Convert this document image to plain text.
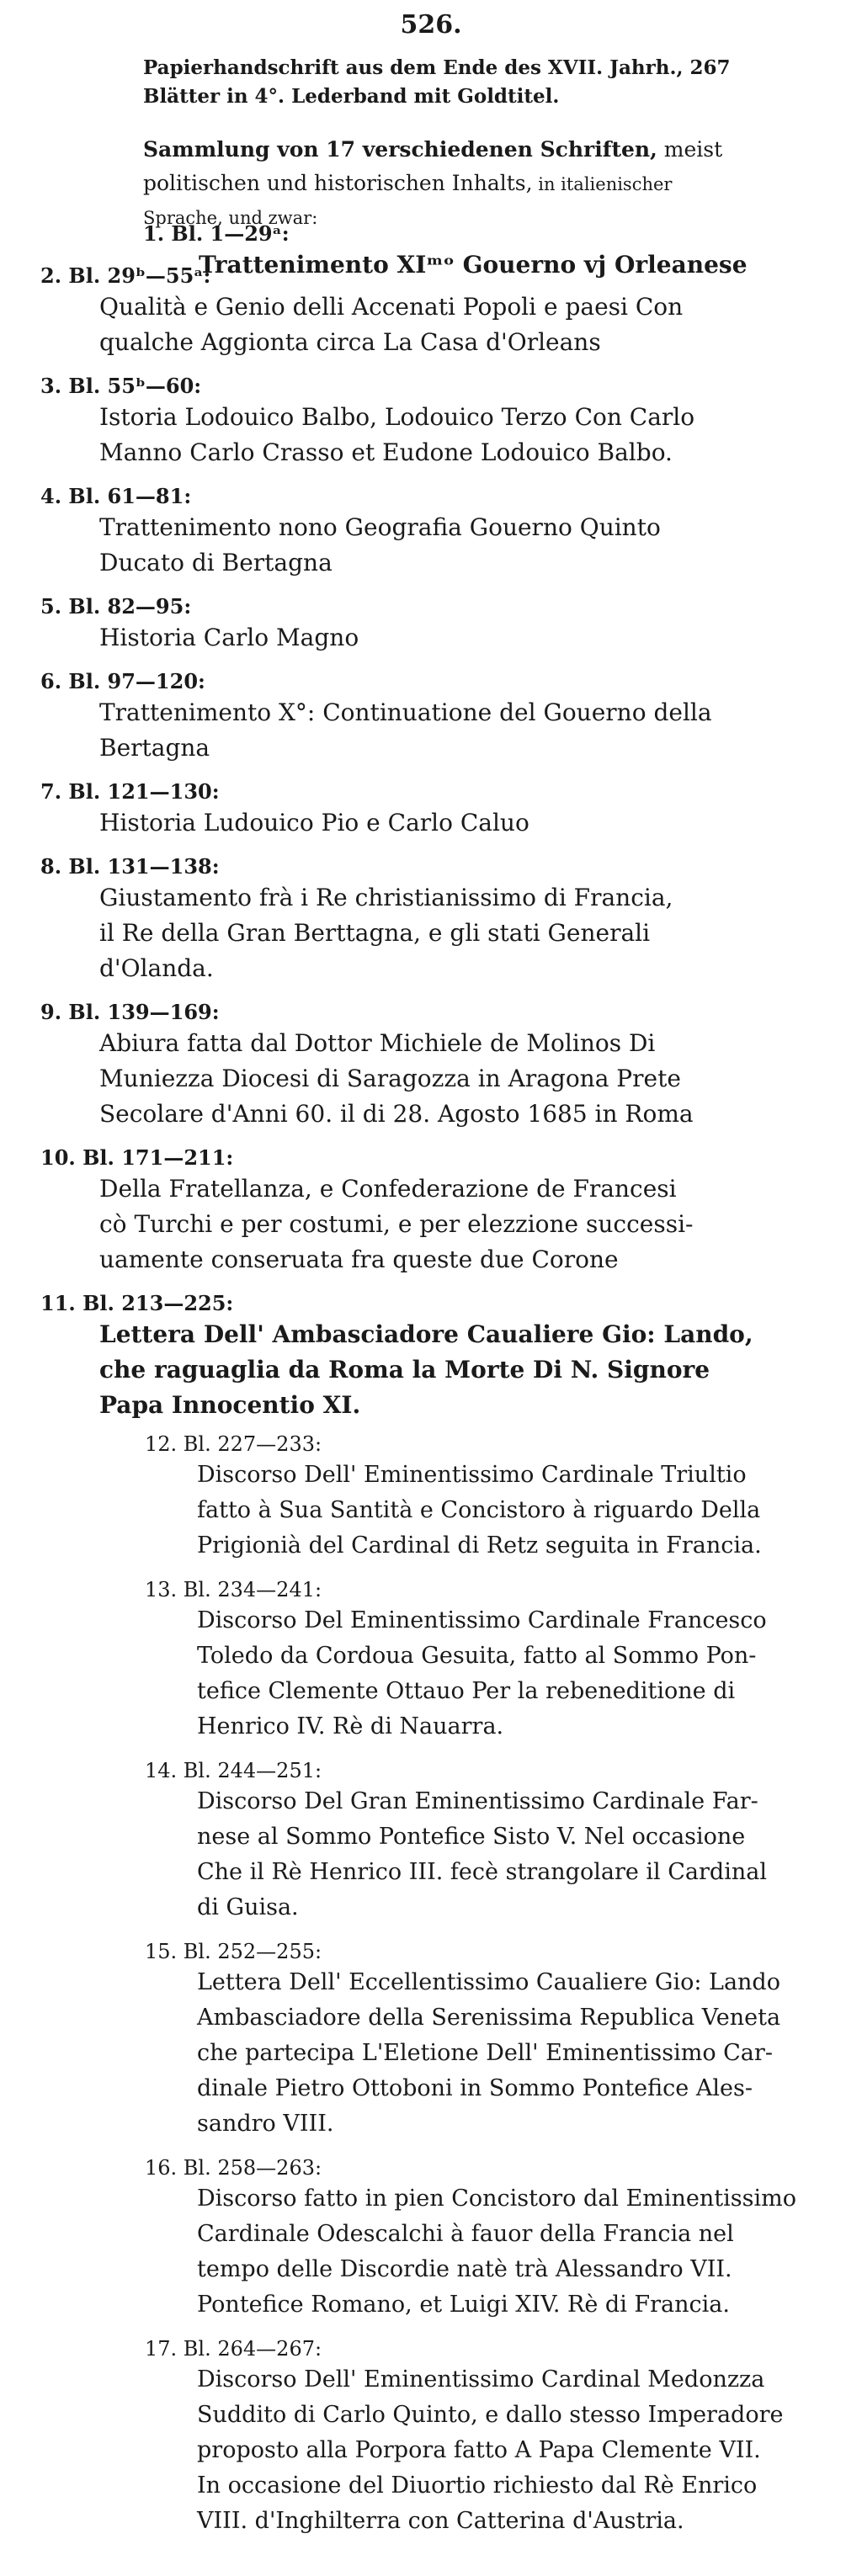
526.
Papierhandschrift aus dem Ende des XVII. Jahrh., 267
Blätter in 4°. Lederband mit Goldtitel.
Sammlung von 17 verschiedenen Schriften, meist
politischen und historischen Inhalts, in italienischer
Sprache, und zwar:
1. Bl. 1—29ᵃ:
Trattenimento XIᵐᵒ Gouerno vj Orleanese
2. Bl. 29ᵇ—55ᵃ:
Qualità e Genio delli Accenati Popoli e paesi Con
qualche Aggionta circa La Casa d'Orleans
3. Bl. 55ᵇ—60:
Istoria Lodouico Balbo, Lodouico Terzo Con Carlo
Manno Carlo Crasso et Eudone Lodouico Balbo.
4. Bl. 61—81:
Trattenimento nono Geografia Gouerno Quinto
Ducato di Bertagna
5. Bl. 82—95:
Historia Carlo Magno
6. Bl. 97—120:
Trattenimento X°: Continuatione del Gouerno della
Bertagna
7. Bl. 121—130:
Historia Ludouico Pio e Carlo Caluo
8. Bl. 131—138:
Giustamento frà i Re christianissimo di Francia,
il Re della Gran Berttagna, e gli stati Generali
d'Olanda.
9. Bl. 139—169:
Abiura fatta dal Dottor Michiele de Molinos Di
Muniezza Diocesi di Saragozza in Aragona Prete
Secolare d'Anni 60. il di 28. Agosto 1685 in Roma
10. Bl. 171—211:
Della Fratellanza, e Confederazione de Francesi
cò Turchi e per costumi, e per elezzione successi-
uamente conseruata fra queste due Corone
11. Bl. 213—225:
Lettera Dell' Ambasciadore Caualiere Gio: Lando,
che raguaglia da Roma la Morte Di N. Signore
Papa Innocentio XI.
12. Bl. 227—233:
Discorso Dell' Eminentissimo Cardinale Triultio
fatto à Sua Santità e Concistoro à riguardo Della
Prigionià del Cardinal di Retz seguita in Francia.
13. Bl. 234—241:
Discorso Del Eminentissimo Cardinale Francesco
Toledo da Cordoua Gesuita, fatto al Sommo Pon-
tefice Clemente Ottauo Per la rebeneditione di
Henrico IV. Rè di Nauarra.
14. Bl. 244—251:
Discorso Del Gran Eminentissimo Cardinale Far-
nese al Sommo Pontefice Sisto V. Nel occasione
Che il Rè Henrico III. fecè strangolare il Cardinal
di Guisa.
15. Bl. 252—255:
Lettera Dell' Eccellentissimo Caualiere Gio: Lando
Ambasciadore della Serenissima Republica Veneta
che partecipa L'Eletione Dell' Eminentissimo Car-
dinale Pietro Ottoboni in Sommo Pontefice Ales-
sandro VIII.
16. Bl. 258—263:
Discorso fatto in pien Concistoro dal Eminentissimo
Cardinale Odescalchi à fauor della Francia nel
tempo delle Discordie natè trà Alessandro VII.
Pontefice Romano, et Luigi XIV. Rè di Francia.
17. Bl. 264—267:
Discorso Dell' Eminentissimo Cardinal Medonzza
Suddito di Carlo Quinto, e dallo stesso Imperadore
proposto alla Porpora fatto A Papa Clemente VII.
In occasione del Diuortio richiesto dal Rè Enrico
VIII. d'Inghilterra con Catterina d'Austria.
